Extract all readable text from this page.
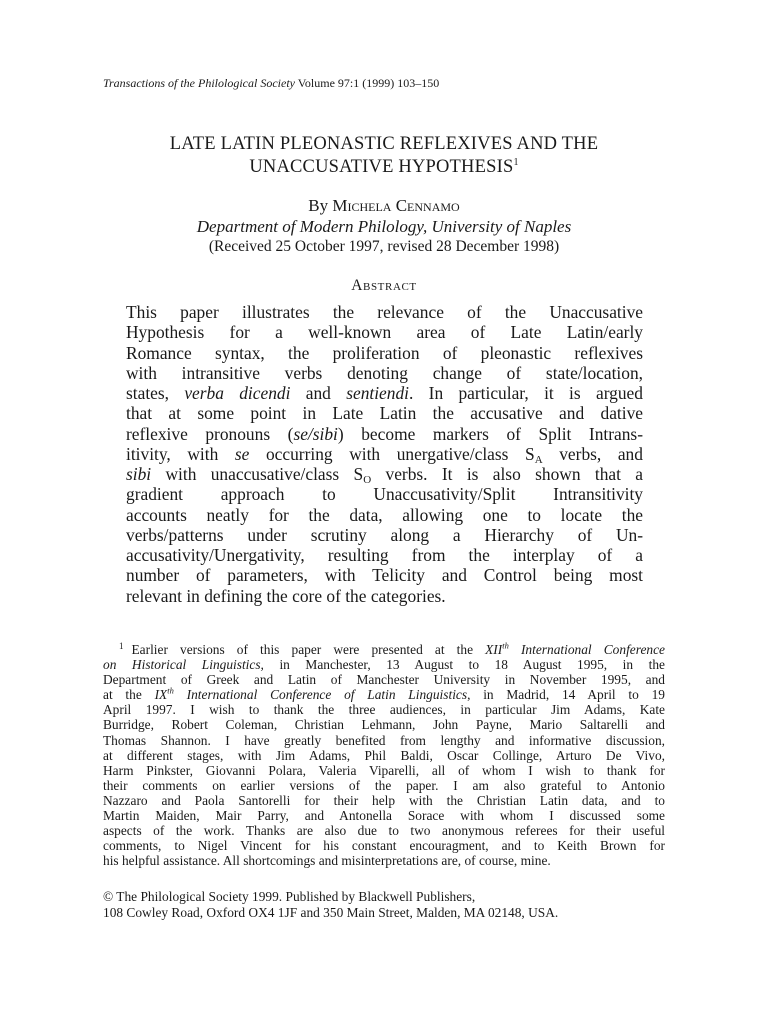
Transactions of the Philological Society Volume 97:1 (1999) 103–150
LATE LATIN PLEONASTIC REFLEXIVES AND THE
UNACCUSATIVE HYPOTHESIS$^1$
By Michela Cennamo
Department of Modern Philology, University of Naples
(Received 25 October 1997, revised 28 December 1998)
Abstract
This paper illustrates the relevance of the Unaccusative
Hypothesis for a well-known area of Late Latin/early
Romance syntax, the proliferation of pleonastic reflexives
with intransitive verbs denoting change of state/location,
states, verba dicendi and sentiendi. In particular, it is argued
that at some point in Late Latin the accusative and dative
reflexive pronouns (se/sibi) become markers of Split Intrans-
itivity, with se occurring with unergative/class $S_A$ verbs, and
sibi with unaccusative/class $S_O$ verbs. It is also shown that a
gradient approach to Unaccusativity/Split Intransitivity
accounts neatly for the data, allowing one to locate the
verbs/patterns under scrutiny along a Hierarchy of Un-
accusativity/Unergativity, resulting from the interplay of a
number of parameters, with Telicity and Control being most
relevant in defining the core of the categories.
$^1$ Earlier versions of this paper were presented at the XIIth International Conference
on Historical Linguistics, in Manchester, 13 August to 18 August 1995, in the
Department of Greek and Latin of Manchester University in November 1995, and
at the IXth International Conference of Latin Linguistics, in Madrid, 14 April to 19
April 1997. I wish to thank the three audiences, in particular Jim Adams, Kate
Burridge, Robert Coleman, Christian Lehmann, John Payne, Mario Saltarelli and
Thomas Shannon. I have greatly benefited from lengthy and informative discussion,
at different stages, with Jim Adams, Phil Baldi, Oscar Collinge, Arturo De Vivo,
Harm Pinkster, Giovanni Polara, Valeria Viparelli, all of whom I wish to thank for
their comments on earlier versions of the paper. I am also grateful to Antonio
Nazzaro and Paola Santorelli for their help with the Christian Latin data, and to
Martin Maiden, Mair Parry, and Antonella Sorace with whom I discussed some
aspects of the work. Thanks are also due to two anonymous referees for their useful
comments, to Nigel Vincent for his constant encouragment, and to Keith Brown for
his helpful assistance. All shortcomings and misinterpretations are, of course, mine.
© The Philological Society 1999. Published by Blackwell Publishers,
108 Cowley Road, Oxford OX4 1JF and 350 Main Street, Malden, MA 02148, USA.
